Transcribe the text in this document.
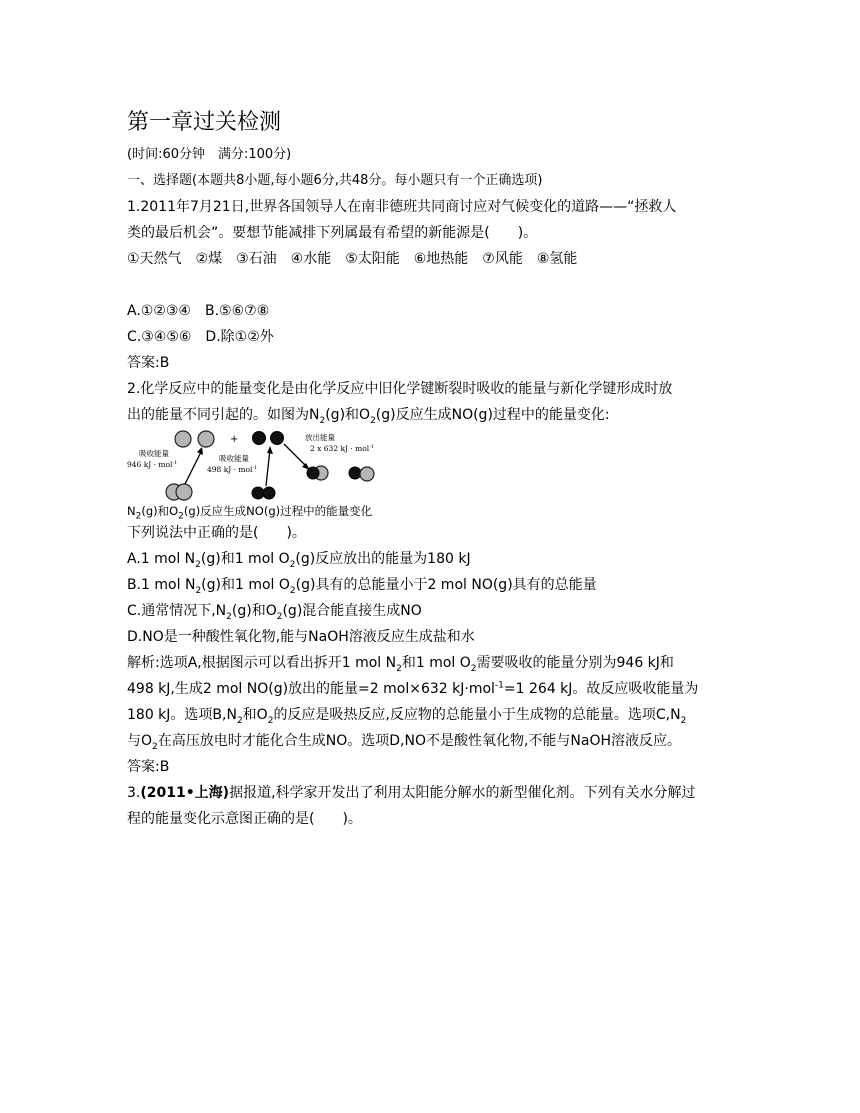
第一章过关检测
(时间:60分钟　满分:100分)
一、选择题(本题共8小题,每小题6分,共48分。每小题只有一个正确选项)
1.2011年7月21日,世界各国领导人在南非德班共同商讨应对气候变化的道路——“拯救人
类的最后机会”。要想节能减排下列属最有希望的新能源是(　　)。
①天然气　②煤　③石油　④水能　⑤太阳能　⑥地热能　⑦风能　⑧氢能
A.①②③④　B.⑤⑥⑦⑧
C.③④⑤⑥　D.除①②外
答案:B
2.化学反应中的能量变化是由化学反应中旧化学键断裂时吸收的能量与新化学键形成时放
出的能量不同引起的。如图为$N_2(g)$和$O_2(g)$反应生成NO(g)过程中的能量变化:
+
吸收能量
946 kJ · mol$^{-1}$	吸收能量
498 kJ · mol$^{-1}$
放出能量
2 x 632 kJ · mol$^{-1}$
$N_2(g)$和$O_2(g)$反应生成NO(g)过程中的能量变化
下列说法中正确的是(　　)。
A.1 mol $N_2(g)$和1 mol $O_2(g)$反应放出的能量为180 kJ
B.1 mol $N_2(g)$和1 mol $O_2(g)$具有的总能量小于2 mol NO(g)具有的总能量
C.通常情况下$,N_2(g)$和$O_2(g)$混合能直接生成NO
D.NO是一种酸性氧化物,能与NaOH溶液反应生成盐和水
解析:选项A,根据图示可以看出拆开1 mol $N_2$和1 mol $O_2$需要吸收的能量分别为946 kJ和
498 kJ,生成2 mol NO(g)放出的能量=2 mol×632 kJ·mol$^{-1}$=1 264 kJ。故反应吸收能量为
180 kJ。选项$B,N_2$和$O_2$的反应是吸热反应,反应物的总能量小于生成物的总能量。选项$C,N_2$
与$O_2$在高压放电时才能化合生成NO。选项D,NO不是酸性氧化物,不能与NaOH溶液反应。
答案:B
3.(2011•上海)据报道,科学家开发出了利用太阳能分解水的新型催化剂。下列有关水分解过
程的能量变化示意图正确的是(　　)。
